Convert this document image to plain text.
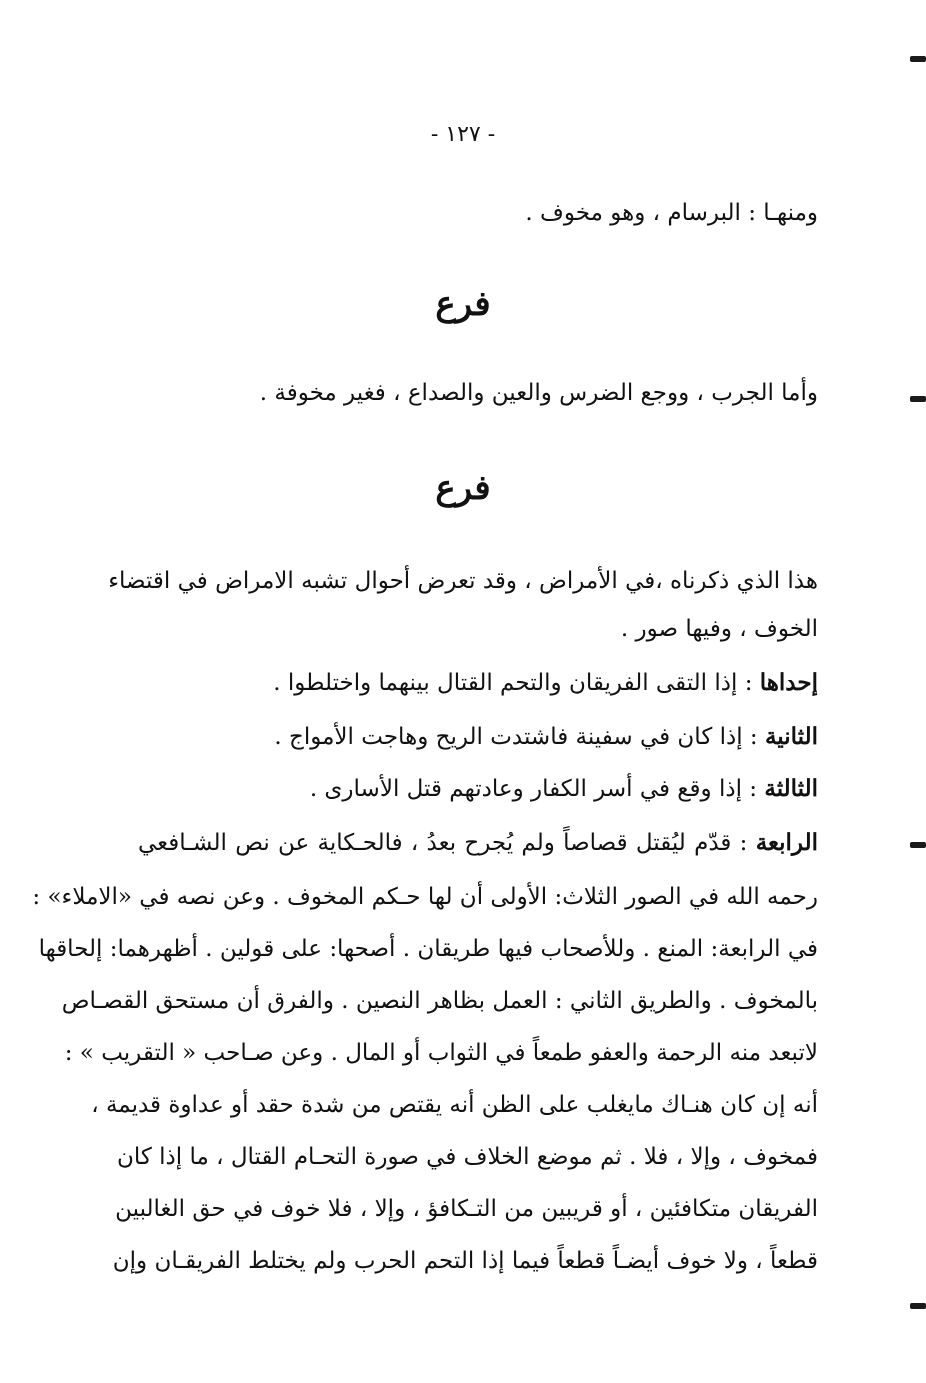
- ١٢٧ -
ومنهـا : البرسام ، وهو مخوف .
فرع
وأما الجرب ، ووجع الضرس والعين والصداع ، فغير مخوفة .
فرع
هذا الذي ذكرناه ،في الأمراض ، وقد تعرض أحوال تشبه الامراض في اقتضاء
الخوف ، وفيها صور .
إحداها : إذا التقى الفريقان والتحم القتال بينهما واختلطوا .
الثانية : إذا كان في سفينة فاشتدت الريح وهاجت الأمواج .
الثالثة : إذا وقع في أسر الكفار وعادتهم قتل الأسارى .
الرابعة : قدّم ليُقتل قصاصاً ولم يُجرح بعدُ ، فالحـكاية عن نص الشـافعي
رحمه الله في الصور الثلاث: الأولى أن لها حـكم المخوف . وعن نصه في «الاملاء» :
في الرابعة: المنع . وللأصحاب فيها طريقان . أصحها: على قولين . أظهرهما: إلحاقها
بالمخوف . والطريق الثاني : العمل بظاهر النصين . والفرق أن مستحق القصـاص
لاتبعد منه الرحمة والعفو طمعاً في الثواب أو المال . وعن صـاحب « التقريب » :
أنه إن كان هنـاك مايغلب على الظن أنه يقتص من شدة حقد أو عداوة قديمة ،
فمخوف ، وإلا ، فلا . ثم موضع الخلاف في صورة التحـام القتال ، ما إذا كان
الفريقان متكافئين ، أو قريبين من التـكافؤ ، وإلا ، فلا خوف في حق الغالبين
قطعاً ، ولا خوف أيضـاً قطعاً فيما إذا التحم الحرب ولم يختلط الفريقـان وإن
